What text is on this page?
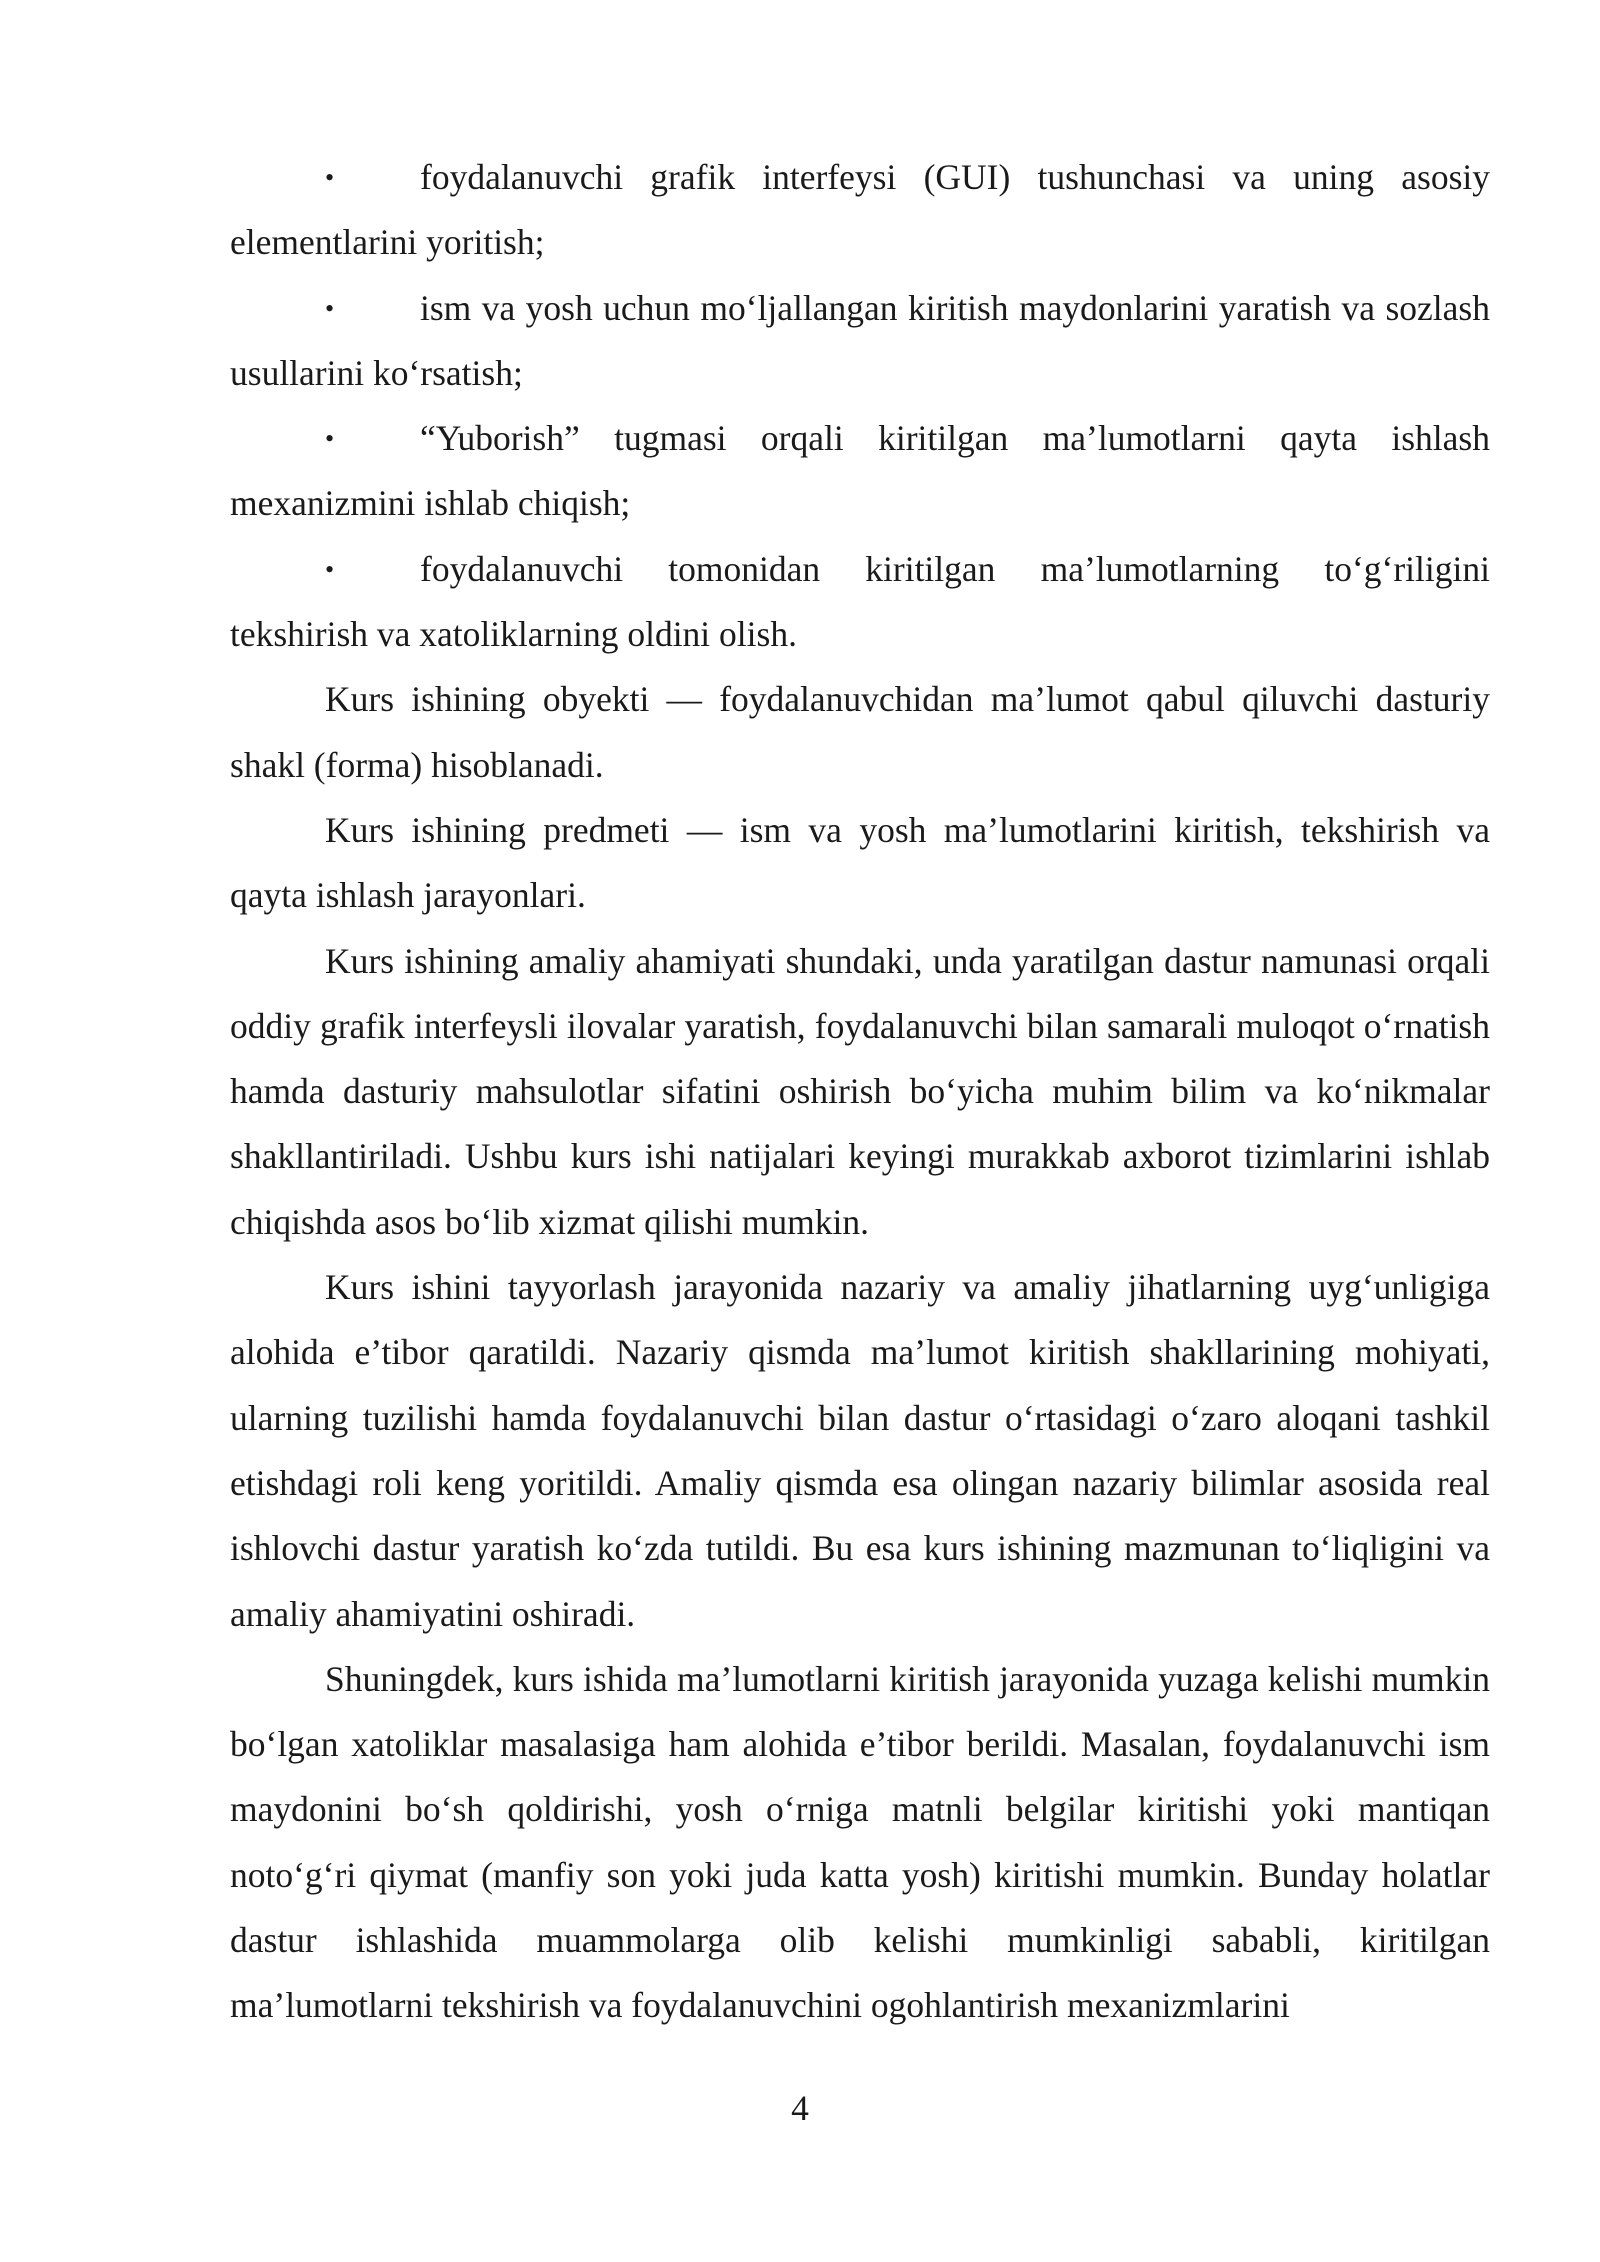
• foydalanuvchi grafik interfeysi (GUI) tushunchasi va uning asosiy elementlarini yoritish;

• ism va yosh uchun mo‘ljallangan kiritish maydonlarini yaratish va sozlash usullarini ko‘rsatish;

• “Yuborish” tugmasi orqali kiritilgan ma’lumotlarni qayta ishlash mexanizmini ishlab chiqish;

• foydalanuvchi tomonidan kiritilgan ma’lumotlarning to‘g‘riligini tekshirish va xatoliklarning oldini olish.

Kurs ishining obyekti — foydalanuvchidan ma’lumot qabul qiluvchi dasturiy shakl (forma) hisoblanadi.

Kurs ishining predmeti — ism va yosh ma’lumotlarini kiritish, tekshirish va qayta ishlash jarayonlari.

Kurs ishining amaliy ahamiyati shundaki, unda yaratilgan dastur namunasi orqali oddiy grafik interfeysli ilovalar yaratish, foydalanuvchi bilan samarali muloqot o‘rnatish hamda dasturiy mahsulotlar sifatini oshirish bo‘yicha muhim bilim va ko‘nikmalar shakllantiriladi. Ushbu kurs ishi natijalari keyingi murakkab axborot tizimlarini ishlab chiqishda asos bo‘lib xizmat qilishi mumkin.

Kurs ishini tayyorlash jarayonida nazariy va amaliy jihatlarning uyg‘unligiga alohida e’tibor qaratildi. Nazariy qismda ma’lumot kiritish shakllarining mohiyati, ularning tuzilishi hamda foydalanuvchi bilan dastur o‘rtasidagi o‘zaro aloqani tashkil etishdagi roli keng yoritildi. Amaliy qismda esa olingan nazariy bilimlar asosida real ishlovchi dastur yaratish ko‘zda tutildi. Bu esa kurs ishining mazmunan to‘liqligini va amaliy ahamiyatini oshiradi.

Shuningdek, kurs ishida ma’lumotlarni kiritish jarayonida yuzaga kelishi mumkin bo‘lgan xatoliklar masalasiga ham alohida e’tibor berildi. Masalan, foydalanuvchi ism maydonini bo‘sh qoldirishi, yosh o‘rniga matnli belgilar kiritishi yoki mantiqan noto‘g‘ri qiymat (manfiy son yoki juda katta yosh) kiritishi mumkin. Bunday holatlar dastur ishlashida muammolarga olib kelishi mumkinligi sababli, kiritilgan ma’lumotlarni tekshirish va foydalanuvchini ogohlantirish mexanizmlarini

4
